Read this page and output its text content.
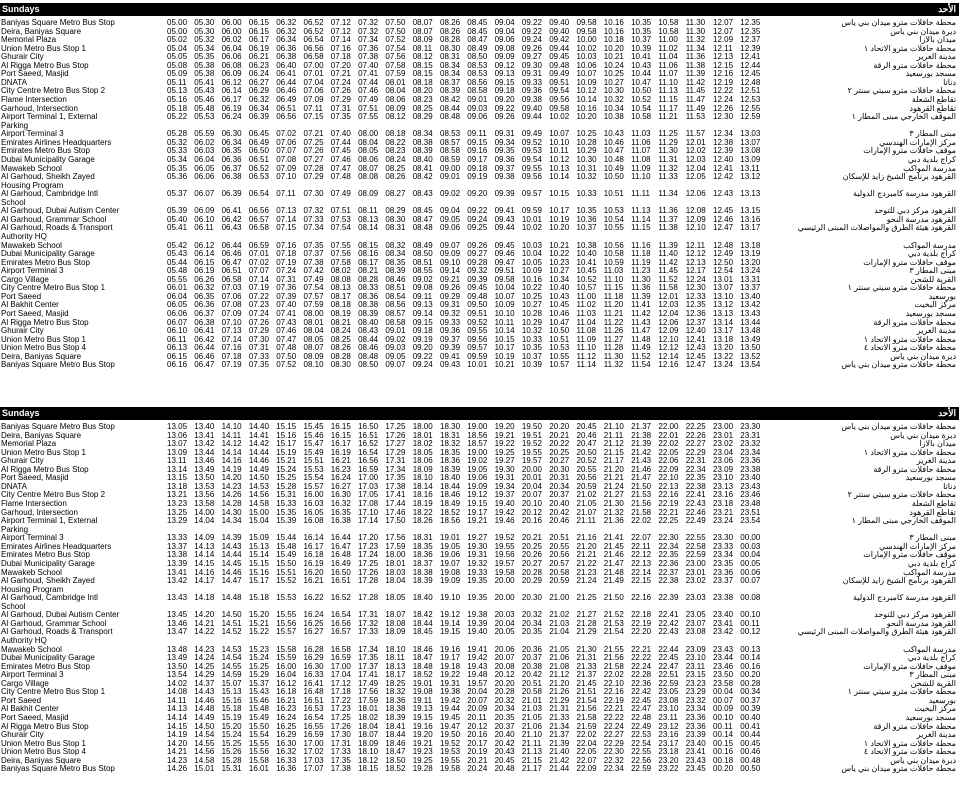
Sundays	الأحد
Baniyas Square Metro Bus Stop	05.00 05.30 06.00 06.15 06.32 06.52 07.12 07.32 07.50 08.07 08.26 08.45 09.04 09.22 09.40 09.58 10.16 10.35 10.58 11.30 12.07 12.35	محطة حافلات مترو ميدان بني ياس
Deira, Baniyas Square	05.00 05.30 06.00 06.15 06.32 06.52 07.12 07.32 07.50 08.07 08.26 08.45 09.04 09.22 09.40 09.58 10.16 10.35 10.58 11.30 12.07 12.35	ديرة ميدان بني ياس
Memorial Plaza	05.02 05.32 06.02 06.17 06.34 06.54 07.14 07.34 07.52 08.09 08.28 08.47 09.06 09.24 09.42 10.00 10.18 10.37 11.00 11.32 12.09 12.37	ميدان بالازا
Union Metro Bus Stop 1	05.04 05.34 06.04 06.19 06.36 06.56 07.16 07.36 07.54 08.11 08.30 08.49 09.08 09.26 09.44 10.02 10.20 10.39 11.02 11.34 12.11 12.39	محطة حافلات مترو الاتحاد ١
Ghurair City	05.05 05.35 06.06 06.21 06.38 06.58 07.18 07.38 07.56 08.12 08.31 08.50 09.09 09.27 09.45 10.03 10.21 10.41 11.04 11.36 12.13 12.41	مدينة الغرير
Al Rigga Metro Bus Stop	05.08 05.38 06.08 06.23 06.40 07.00 07.20 07.40 07.58 08.15 08.34 08.53 09.12 09.30 09.48 10.06 10.24 10.43 11.06 11.38 12.15 12.44	محطة حافلات مترو الرقة
Port Saeed, Masjid	05.09 05.38 06.09 06.24 06.41 07.01 07.21 07.41 07.59 08.15 08.34 08.53 09.13 09.31 09.49 10.07 10.25 10.44 11.07 11.39 12.16 12.45	مسجد بورسعيد
DNATA	05.11 05.41 06.12 06.27 06.44 07.04 07.24 07.44 08.01 08.18 08.37 08.56 09.15 09.33 09.51 10.09 10.27 10.47 11.10 11.42 12.19 12.48	دناتا
City Centre Metro Bus Stop 2	05.13 05.43 06.14 06.29 06.46 07.06 07.26 07.46 08.04 08.20 08.39 08.58 09.18 09.36 09.54 10.12 10.30 10.50 11.13 11.45 12.22 12.51	محطة حافلات مترو سيتي سنتر ٢
Flame Intersection	05.16 05.46 06.17 06.32 06.49 07.09 07.29 07.49 08.06 08.23 08.42 09.01 09.20 09.38 09.56 10.14 10.32 10.52 11.15 11.47 12.24 12.53	تقاطع الشعلة
Garhoud, Intersection	05.18 05.48 06.19 06.34 06.51 07.11 07.31 07.51 08.09 08.25 08.44 09.03 09.22 09.40 09.58 10.16 10.34 10.54 11.17 11.49 12.26 12.55	تقاطع القرهود
Airport Terminal 1, External
Parking
05.22 05.53 06.24 06.39 06.56 07.15 07.35 07.55 08.12 08.29 08.48 09.06 09.26 09.44 10.02 10.20 10.38 10.58 11.21 11.53 12.30 12.59	الموقف الخارجي مبنى المطار ١
Airport Terminal 3	05.28 05.59 06.30 06.45 07.02 07.21 07.40 08.00 08.18 08.34 08.53 09.11 09.31 09.49 10.07 10.25 10.43 11.03 11.25 11.57 12.34 13.03	مبنى المطار ٣
Emirates Airlines Headquarters	05.32 06.02 06.34 06.49 07.06 07.25 07.44 08.04 08.22 08.38 08.57 09.15 09.34 09.52 10.10 10.28 10.46 11.06 11.29 12.01 12.38 13.07	مركز الإمارات الهندسي
Emirates Metro Bus Stop	05.33 06.03 06.35 06.50 07.07 07.26 07.45 08.05 08.23 08.39 08.58 09.16 09.35 09.53 10.11 10.29 10.47 11.07 11.30 12.02 12.39 13.08	موقف حافلات مترو الإمارات
Dubai Municipality Garage	05.34 06.04 06.36 06.51 07.08 07.27 07.46 08.06 08.24 08.40 08.59 09.17 09.36 09.54 10.12 10.30 10.48 11.08 11.31 12.03 12.40 13.09	كراج بلدية دبي
Mawakeb School	05.35 06.05 06.37 06.52 07.09 07.28 07.47 08.07 08.25 08.41 09.00 09.18 09.37 09.55 10.13 10.31 10.49 11.09 11.32 12.04 12.41 13.11	مدرسة المواكب
Al Garhoud, Sheikh Zayed
Housing Program
05.36 06.06 06.38 06.53 07.10 07.29 07.48 08.08 08.26 08.42 09.01 09.19 09.38 09.56 10.14 10.32 10.50 11.10 11.33 12.05 12.42 13.12	القرهود برنامج الشيخ زايد للإسكان
Al Garhoud, Cambridge Intl
School
05.37 06.07 06.39 06.54 07.11 07.30 07.49 08.09 08.27 08.43 09.02 09.20 09.39 09.57 10.15 10.33 10.51 11.11 11.34 12.06 12.43 13.13	القرهود مدرسة كامبردج الدولية
Al Garhoud, Dubai Autism Center	05.39 06.09 06.41 06.56 07.13 07.32 07.51 08.11 08.29 08.45 09.04 09.22 09.41 09.59 10.17 10.35 10.53 11.13 11.36 12.08 12.45 13.15	القرهود مركز دبي للتوحد
Al Garhoud, Grammar School	05.40 06.10 06.42 06.57 07.14 07.33 07.53 08.13 08.30 08.47 09.05 09.24 09.43 10.01 10.19 10.36 10.54 11.14 11.37 12.09 12.46 13.16	القرهود مدرسة النحو
Al Garhoud, Roads & Transport
Authority HQ
05.41 06.11 06.43 06.58 07.15 07.34 07.54 08.14 08.31 08.48 09.06 09.25 09.44 10.02 10.20 10.37 10.55 11.15 11.38 12.10 12.47 13.17	القرهود هيئة الطرق والمواصلات المبنى الرئيسي
Mawakeb School	05.42 06.12 06.44 06.59 07.16 07.35 07.55 08.15 08.32 08.49 09.07 09.26 09.45 10.03 10.21 10.38 10.56 11.16 11.39 12.11 12.48 13.18	مدرسة المواكب
Dubai Municipality Garage	05.43 06.14 06.46 07.01 07.18 07.37 07.56 08.16 08.34 08.50 09.09 09.27 09.46 10.04 10.22 10.40 10.58 11.18 11.40 12.12 12.49 13.19	كراج بلدية دبي
Emirates Metro Bus Stop	05.44 06.15 06.47 07.02 07.19 07.38 07.58 08.17 08.35 08.51 09.10 09.28 09.47 10.05 10.23 10.41 10.59 11.19 11.42 12.13 12.50 13.20	موقف حافلات مترو الإمارات
Airport Terminal 3	05.48 06.19 06.51 07.07 07.24 07.42 08.02 08.21 08.39 08.55 09.14 09.32 09.51 10.09 10.27 10.45 11.03 11.23 11.45 12.17 12.54 13.24	مبنى المطار ٣
Cargo Village	05.55 06.26 06.58 07.14 07.31 07.49 08.08 08.28 08.46 09.02 09.21 09.39 09.58 10.16 10.34 10.52 11.10 11.30 11.52 12.24 13.01 13.31	القرية للشحن
City Centre Metro Bus Stop 1	06.01 06.32 07.03 07.19 07.36 07.54 08.13 08.33 08.51 09.08 09.26 09.45 10.04 10.22 10.40 10.57 11.15 11.36 11.58 12.30 13.07 13.37	محطة حافلات مترو سيتي سنتر ١
Port Saeed	06.04 06.35 07.06 07.22 07.39 07.57 08.17 08.36 08.54 09.11 09.29 09.48 10.07 10.25 10.43 11.00 11.18 11.39 12.01 12.33 13.10 13.40	بورسعيد
Al Bakhit Center	06.05 06.36 07.08 07.23 07.40 07.59 08.18 08.38 08.56 09.13 09.31 09.50 10.09 10.27 10.45 11.02 11.20 11.41 12.03 12.35 13.12 13.42	مركز البخيت
Port Saeed, Masjid	06.06 06.37 07.09 07.24 07.41 08.00 08.19 08.39 08.57 09.14 09.32 09.51 10.10 10.28 10.46 11.03 11.21 11.42 12.04 12.36 13.13 13.43	مسجد بورسعيد
Al Rigga Metro Bus Stop	06.07 06.38 07.10 07.26 07.43 08.01 08.21 08.40 08.58 09.15 09.33 09.52 10.11 10.29 10.47 11.04 11.22 11.43 12.06 12.37 13.14 13.44	محطة حافلات مترو الرقة
Ghurair City	06.10 06.41 07.13 07.29 07.46 08.04 08.24 08.43 09.01 09.18 09.36 09.55 10.14 10.32 10.50 11.08 11.26 11.47 12.09 12.40 13.17 13.48	مدينة الغرير
Union Metro Bus Stop 1	06.11 06.42 07.14 07.30 07.47 08.05 08.25 08.44 09.02 09.19 09.37 09.56 10.15 10.33 10.51 11.09 11.27 11.48 12.10 12.41 13.18 13.49	محطة حافلات مترو الاتحاد ١
Union Metro Bus Stop 4	06.13 06.44 07.16 07.31 07.48 08.07 08.26 08.46 09.03 09.20 09.39 09.57 10.17 10.35 10.53 11.10 11.28 11.49 12.12 12.43 13.20 13.50	محطة حافلات مترو الاتحاد ٤
Deira, Baniyas Square	06.15 06.46 07.18 07.33 07.50 08.09 08.28 08.48 09.05 09.22 09.41 09.59 10.19 10.37 10.55 11.12 11.30 11.52 12.14 12.45 13.22 13.52	ديرة ميدان بني ياس
Baniyas Square Metro Bus Stop	06.16 06.47 07.19 07.35 07.52 08.10 08.30 08.50 09.07 09.24 09.43 10.01 10.21 10.39 10.57 11.14 11.32 11.54 12.16 12.47 13.24 13.54	محطة حافلات مترو ميدان بني ياس
Sundays	الأحد
Baniyas Square Metro Bus Stop	13.05 13.40 14.10 14.40 15.15 15.45 16.15 16.50 17.25 18.00 18.30 19.00 19.20 19.50 20.20 20.45 21.10 21.37 22.00 22.25 23.00 23.30	محطة حافلات مترو ميدان بني ياس
Deira, Baniyas Square	13.06 13.41 14.11 14.41 15.16 15.46 16.15 16.51 17.26 18.01 18.31 18.56 19.21 19.51 20.21 20.46 21.11 21.38 22.01 22.26 23.01 23.31	ديرة ميدان بني ياس
Memorial Plaza	13.07 13.42 14.12 14.42 15.17 15.47 16.17 16.52 17.27 18.02 18.32 18.57 19.22 19.52 20.22 20.47 21.12 21.39 22.02 22.27 23.02 23.32	ميدان بالازا
Union Metro Bus Stop 1	13.09 13.44 14.14 14.44 15.19 15.49 16.19 16.54 17.29 18.05 18.35 19.00 19.25 19.55 20.25 20.50 21.15 21.42 22.05 22.29 23.04 23.34	محطة حافلات مترو الاتحاد ١
Ghurair City	13.11 13.46 14.16 14.46 15.21 15.51 16.21 16.56 17.31 18.06 18.36 19.02 19.27 19.57 20.27 20.52 21.17 21.43 22.06 22.31 23.06 23.36	مدينة الغرير
Al Rigga Metro Bus Stop	13.14 13.49 14.19 14.49 15.24 15.53 16.23 16.59 17.34 18.09 18.39 19.05 19.30 20.00 20.30 20.55 21.20 21.46 22.09 22.34 23.09 23.38	محطة حافلات مترو الرقة
Port Saeed, Masjid	13.15 13.50 14.20 14.50 15.25 15.54 16.24 17.00 17.35 18.10 18.40 19.06 19.31 20.01 20.31 20.56 21.21 21.47 22.10 22.35 23.10 23.40	مسجد بورسعيد
DNATA	13.18 13.53 14.23 14.53 15.28 15.57 16.27 17.03 17.38 18.14 18.44 19.09 19.34 20.04 20.34 20.59 21.24 21.50 22.13 22.38 23.13 23.43	دناتا
City Centre Metro Bus Stop 2	13.21 13.56 14.26 14.56 15.31 16.00 16.30 17.05 17.41 18.16 18.46 19.12 19.37 20.07 20.37 21.02 21.27 21.53 22.16 22.41 23.16 23.46	محطة حافلات مترو سيتي سنتر ٢
Flame Intersection	13.23 13.58 14.28 14.58 15.33 16.03 16.32 17.08 17.44 18.19 18.49 19.15 19.40 20.10 20.40 21.05 21.30 21.56 22.19 22.43 23.18 23.48	تقاطع الشعلة
Garhoud, Intersection	13.25 14.00 14.30 15.00 15.35 16.05 16.35 17.10 17.46 18.22 18.52 19.17 19.42 20.12 20.42 21.07 21.32 21.58 22.21 22.46 23.21 23.51	تقاطع القرهود
Airport Terminal 1, External
Parking
13.29 14.04 14.34 15.04 15.39 16.08 16.38 17.14 17.50 18.26 18.56 19.21 19.46 20.16 20.46 21.11 21.36 22.02 22.25 22.49 23.24 23.54	الموقف الخارجي مبنى المطار ١
Airport Terminal 3	13.33 14.09 14.39 15.09 15.44 16.14 16.44 17.20 17.56 18.31 19.01 19.27 19.52 20.21 20.51 21.16 21.41 22.07 22.30 22.55 23.30 00.00	مبنى المطار ٣
Emirates Airlines Headquarters	13.37 14.13 14.43 15.13 15.48 16.17 16.47 17.23 17.59 18.35 19.05 19.30 19.55 20.25 20.55 21.20 21.45 22.11 22.34 22.58 23.33 00.03	مركز الإمارات الهندسي
Emirates Metro Bus Stop	13.38 14.14 14.44 15.14 15.49 16.18 16.48 17.24 18.00 18.36 19.06 19.31 19.56 20.26 20.56 21.21 21.46 22.12 22.35 22.59 23.34 00.04	موقف حافلات مترو الإمارات
Dubai Municipality Garage	13.39 14.15 14.45 15.15 15.50 16.19 16.49 17.25 18.01 18.37 19.07 19.32 19.57 20.27 20.57 21.22 21.47 22.13 22.36 23.00 23.35 00.05	كراج بلدية دبي
Mawakeb School	13.41 14.16 14.46 15.16 15.51 16.20 16.50 17.26 18.03 18.38 19.08 19.33 19.58 20.28 20.58 21.23 21.48 22.14 22.37 23.01 23.36 00.06	مدرسة المواكب
Al Garhoud, Sheikh Zayed
Housing Program
13.42 14.17 14.47 15.17 15.52 16.21 16.51 17.28 18.04 18.39 19.09 19.35 20.00 20.29 20.59 21.24 21.49 22.15 22.38 23.02 23.37 00.07	القرهود برنامج الشيخ زايد للإسكان
Al Garhoud, Cambridge Intl
School
13.43 14.18 14.48 15.18 15.53 16.22 16.52 17.28 18.05 18.40 19.10 19.35 20.00 20.30 21.00 21.25 21.50 22.16 22.39 23.03 23.38 00.08	القرهود مدرسة كامبردج الدولية
Al Garhoud, Dubai Autism Center	13.45 14.20 14.50 15.20 15.55 16.24 16.54 17.31 18.07 18.42 19.12 19.38 20.03 20.32 21.02 21.27 21.52 22.18 22.41 23.05 23.40 00.10	القرهود مركز دبي للتوحد
Al Garhoud, Grammar School	13.46 14.21 14.51 15.21 15.56 16.25 16.56 17.32 18.08 18.44 19.14 19.39 20.04 20.34 21.03 21.28 21.53 22.19 22.42 23.07 23.41 00.11	القرهود مدرسة النحو
Al Garhoud, Roads & Transport
Authority HQ
13.47 14.22 14.52 15.22 15.57 16.27 16.57 17.33 18.09 18.45 19.15 19.40 20.05 20.35 21.04 21.29 21.54 22.20 22.43 23.08 23.42 00.12	القرهود هيئة الطرق والمواصلات المبنى الرئيسي
Mawakeb School	13.48 14.23 14.53 15.23 15.58 16.28 16.58 17.34 18.10 18.46 19.16 19.41 20.06 20.36 21.05 21.30 21.55 22.21 22.44 23.09 23.43 00.13	مدرسة المواكب
Dubai Municipality Garage	13.49 14.24 14.54 15.24 15.59 16.29 16.59 17.35 18.11 18.47 19.17 19.42 20.07 20.37 21.06 21.31 21.56 22.22 22.45 23.10 23.44 00.14	كراج بلدية دبي
Emirates Metro Bus Stop	13.50 14.25 14.55 15.25 16.00 16.30 17.00 17.37 18.13 18.48 19.18 19.43 20.08 20.38 21.08 21.33 21.58 22.24 22.47 23.11 23.46 00.16	موقف حافلات مترو الإمارات
Airport Terminal 3	13.54 14.29 14.59 15.29 16.04 16.33 17.04 17.41 18.17 18.52 19.22 19.48 20.12 20.42 21.12 21.37 22.02 22.28 22.51 23.15 23.50 00.20	مبنى المطار ٣
Cargo Village	14.02 14.37 15.07 15.37 16.12 16.41 17.12 17.49 18.25 19.01 19.31 19.57 20.20 20.51 21.20 21.45 22.10 22.36 22.59 23.23 23.58 00.28	القرية للشحن
City Centre Metro Bus Stop 1	14.08 14.43 15.13 15.43 16.18 16.48 17.18 17.56 18.32 19.08 19.38 20.04 20.28 20.58 21.26 21.51 22.16 22.42 23.05 23.29 00.04 00.34	محطة حافلات مترو سيتي سنتر ١
Port Saeed	14.11 14.46 15.16 15.46 16.21 16.51 17.22 17.59 18.36 19.11 19.42 20.07 20.32 21.01 21.29 21.54 22.19 22.45 23.08 23.32 00.07 00.37	بورسعيد
Al Bakhit Center	14.13 14.48 15.18 15.48 16.23 16.53 17.23 18.01 18.38 19.13 19.44 20.09 20.34 21.03 21.31 21.56 22.21 22.47 23.10 23.34 00.09 00.39	مركز البخيت
Port Saeed, Masjid	14.14 14.49 15.19 15.49 16.24 16.54 17.25 18.02 18.39 19.15 19.45 20.11 20.35 21.05 21.33 21.58 22.22 22.48 23.11 23.36 00.10 00.40	مسجد بورسعيد
Al Rigga Metro Bus Stop	14.15 14.50 15.20 15.50 16.25 16.55 17.26 18.04 18.41 19.16 19.47 20.12 20.37 21.06 21.34 21.59 22.24 22.49 23.12 23.36 00.11 00.41	محطة حافلات مترو الرقة
Ghurair City	14.19 14.54 15.24 15.54 16.29 16.59 17.30 18.07 18.44 19.20 19.50 20.16 20.40 21.10 21.37 22.02 22.27 22.53 23.16 23.39 00.14 00.44	مدينة الغرير
Union Metro Bus Stop 1	14.20 14.55 15.25 15.55 16.30 17.00 17.31 18.09 18.46 19.21 19.52 20.17 20.42 21.11 21.39 22.04 22.29 22.54 23.17 23.40 00.15 00.45	محطة حافلات مترو الاتحاد ١
Union Metro Bus Stop 4	14.21 14.56 15.26 15.56 16.32 17.02 17.33 18.10 18.47 19.23 19.53 20.19 20.43 21.13 21.40 22.05 22.30 22.55 23.18 23.41 00.16 00.46	محطة حافلات مترو الاتحاد ٤
Deira, Baniyas Square	14.23 14.58 15.28 15.58 16.33 17.03 17.35 18.12 18.50 19.25 19.55 20.21 20.45 21.15 21.42 22.07 22.32 22.56 23.20 23.43 00.18 00.48	ديرة ميدان بني ياس
Baniyas Square Metro Bus Stop	14.26 15.01 15.31 16.01 16.36 17.07 17.38 18.15 18.52 19.28 19.58 20.24 20.48 21.17 21.44 22.09 22.34 22.59 23.22 23.45 00.20 00.50	محطة حافلات مترو ميدان بني ياس
